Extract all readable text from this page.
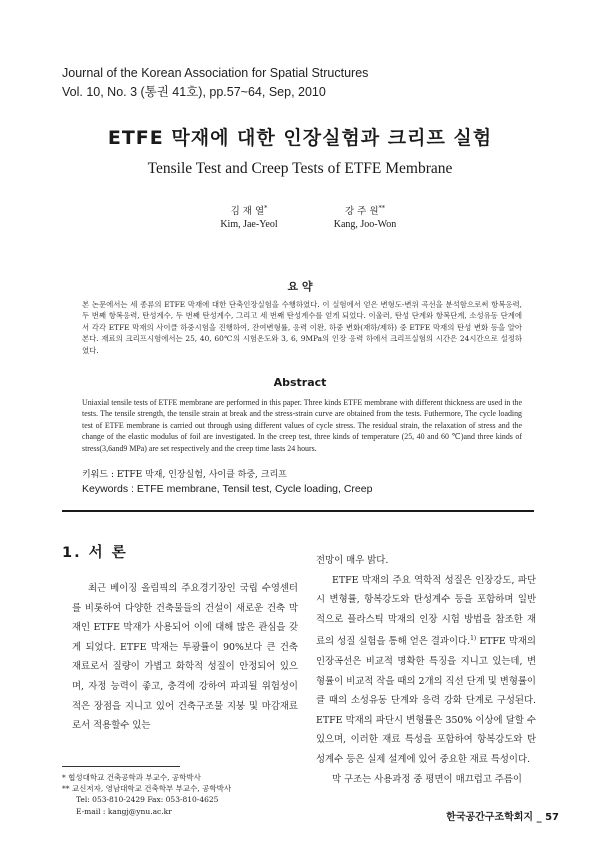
Journal of the Korean Association for Spatial Structures
Vol. 10, No. 3 (통권 41호), pp.57~64, Sep, 2010
ETFE 막재에 대한 인장실험과 크리프 실험
Tensile Test and Creep Tests of ETFE Membrane
김 재 열*
Kim, Jae-Yeol
강 주 원**
Kang, Joo-Won
요 약
본 논문에서는 세 종류의 ETFE 막재에 대한 단축인장실험을 수행하였다. 이 실험에서 얻은 변형도-변위 곡선을 분석함으로써 항복응력, 두 번째 항복응력, 탄성계수, 두 번째 탄성계수, 그리고 세 번째 탄성계수를 얻게 되었다. 이울러, 탄성 단계와 항복단계, 소성유동 단계에서 각각 ETFE 막재의 사이클 하중시험을 진행하여, 잔여변형률, 응력 이완, 하중 변화(재하/제하) 중 ETFE 막재의 탄성 변화 등을 알아본다. 재료의 크리프시험에서는 25, 40, 60℃의 시험온도와 3, 6, 9MPa의 인장 응력 하에서 크리프실험의 시간은 24시간으로 설정하였다.
Abstract
Uniaxial tensile tests of ETFE membrane are performed in this paper. Three kinds ETFE membrane with different thickness are used in the tests. The tensile strength, the tensile strain at break and the stress-strain curve are obtained from the tests. Futhermore, The cycle loading test of ETFE membrane is carried out through using different values of cycle stress. The residual strain, the relaxation of stress and the change of the elastic modulus of foil are investigated. In the creep test, three kinds of temperature (25, 40 and 60 ℃)and three kinds of stress(3,6and9 MPa) are set respectively and the creep time lasts 24 hours.
키워드 : ETFE 막재, 인장실험, 사이클 하중, 크리프
Keywords : ETFE membrane, Tensil test, Cycle loading, Creep
1. 서 론

최근 베이징 올림픽의 주요경기장인 국립 수영센터를 비롯하여 다양한 건축물들의 건설이 새로운 건축 막재인 ETFE 막재가 사용되어 이에 대해 많은 관심을 갖게 되었다. ETFE 막재는 투광률이 90%보다 큰 건축 재료로서 질량이 가볍고 화학적 성질이 안정되어 있으며, 자정 능력이 좋고, 충격에 강하여 파괴될 위험성이 적은 장점을 지니고 있어 건축구조물 지붕 및 마감재료로서 적용할수 있는

전망이 매우 밝다.

ETFE 막재의 주요 역학적 성질은 인장강도, 파단시 변형률, 항복강도와 탄성계수 등을 포함하며 일반적으로 플라스틱 막재의 인장 시험 방법을 참조한 재료의 성질 실험을 통해 얻은 결과이다.$^{1)}$ ETFE 막재의 인장곡선은 비교적 명확한 특징을 지니고 있는데, 변형률이 비교적 작을 때의 2개의 직선 단계 및 변형률이 클 때의 소성유동 단계와 응력 강화 단계로 구성된다. ETFE 막재의 파단시 변형률은 350% 이상에 달할 수 있으며, 이러한 재료 특성을 포함하여 항복강도와 탄성계수 등은 실제 설계에 있어 중요한 재료 특성이다.

막 구조는 사용과정 중 평면이 매끄럽고 주름이

* 협성대학교 건축공학과 부교수, 공학박사
** 교신저자, 영남대학교 건축학부 부교수, 공학박사
Tel: 053-810-2429 Fax: 053-810-4625
E-mail : kangj@ynu.ac.kr
한국공간구조학회지 _ 57
